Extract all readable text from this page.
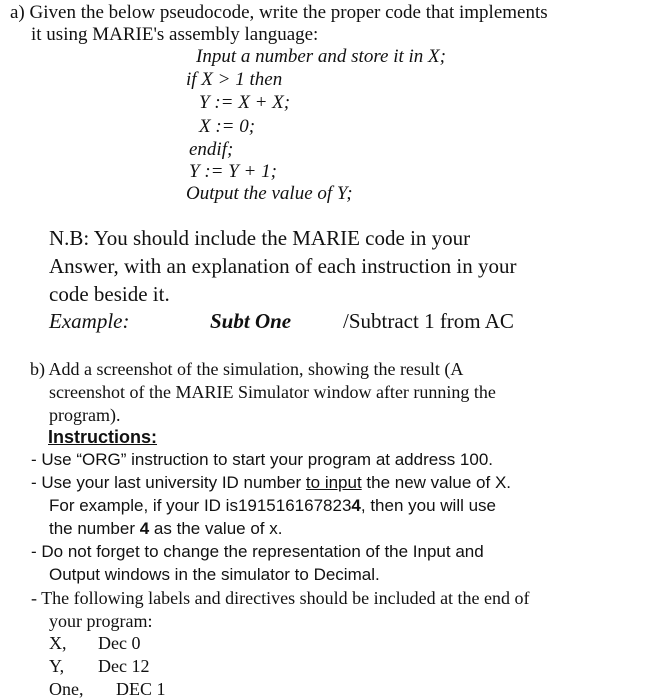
a) Given the below pseudocode, write the proper code that implements
it using MARIE's assembly language:
Input a number and store it in X;
if X > 1 then
Y := X + X;
X := 0;
endif;
Y := Y + 1;
Output the value of Y;
N.B: You should include the MARIE code in your
Answer, with an explanation of each instruction in your
code beside it.
Example:	Subt One /Subtract 1 from AC
b) Add a screenshot of the simulation, showing the result (A
screenshot of the MARIE Simulator window after running the
program).
Instructions:
- Use “ORG” instruction to start your program at address 100.
- Use your last university ID number to input the new value of X.
For example, if your ID is1915161678234, then you will use
the number 4 as the value of x.
- Do not forget to change the representation of the Input and
Output windows in the simulator to Decimal.
- The following labels and directives should be included at the end of
your program:
X, Dec 0
Y, Dec 12
One, DEC 1
